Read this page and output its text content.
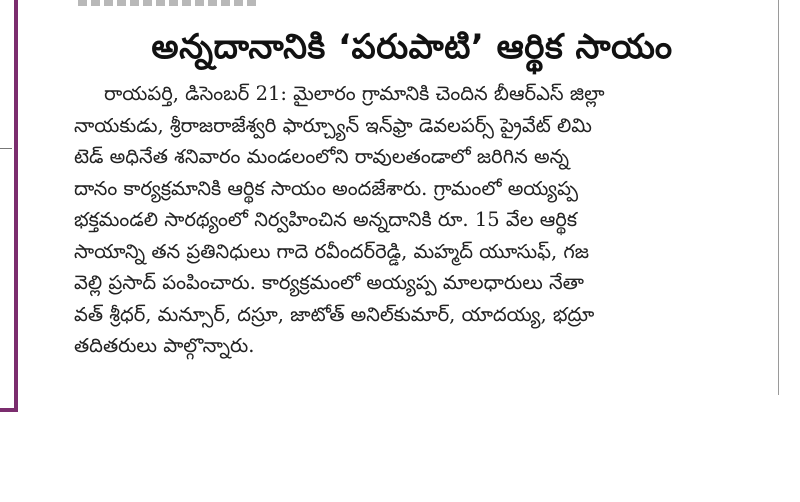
అన్నదానానికి ‘పరుపాటి’ ఆర్థిక సాయం
రాయపర్తి, డిసెంబర్ 21: మైలారం గ్రామానికి చెందిన బీఆర్ఎస్ జిల్లా
నాయకుడు, శ్రీరాజరాజేశ్వరి ఫార్చ్యూన్ ఇన్‌ఫ్రా డెవలపర్స్ ప్రైవేట్ లిమి
టెడ్ అధినేత శనివారం మండలంలోని రావులతండాలో జరిగిన అన్న
దానం కార్యక్రమానికి ఆర్థిక సాయం అందజేశారు. గ్రామంలో అయ్యప్ప
భక్తమండలి సారథ్యంలో నిర్వహించిన అన్నదానికి రూ. 15 వేల ఆర్థిక
సాయాన్ని తన ప్రతినిధులు గాదె రవీందర్‌రెడ్డి, మహ్మద్ యూసుఫ్, గజ
వెల్లి ప్రసాద్ పంపించారు. కార్యక్రమంలో అయ్యప్ప మాలధారులు నేతా
వత్ శ్రీధర్, మన్సూర్, దస్రూ, జాటోత్ అనిల్‌కుమార్, యాదయ్య, భద్రూ
తదితరులు పాల్గొన్నారు.
